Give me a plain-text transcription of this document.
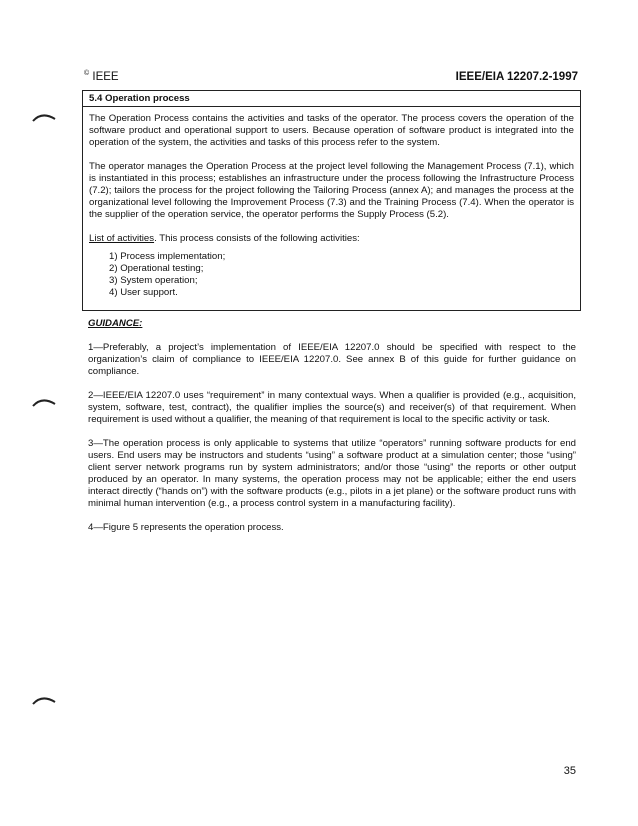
© IEEE	IEEE/EIA 12207.2-1997
5.4 Operation process

The Operation Process contains the activities and tasks of the operator. The process covers the operation of the software product and operational support to users. Because operation of software product is integrated into the operation of the system, the activities and tasks of this process refer to the system.

The operator manages the Operation Process at the project level following the Management Process (7.1), which is instantiated in this process; establishes an infrastructure under the process following the Infrastructure Process (7.2); tailors the process for the project following the Tailoring Process (annex A); and manages the process at the organizational level following the Improvement Process (7.3) and the Training Process (7.4). When the operator is the supplier of the operation service, the operator performs the Supply Process (5.2).

List of activities. This process consists of the following activities:

1) Process implementation;
2) Operational testing;
3) System operation;
4) User support.
GUIDANCE:

1—Preferably, a project’s implementation of IEEE/EIA 12207.0 should be specified with respect to the organization’s claim of compliance to IEEE/EIA 12207.0. See annex B of this guide for further guidance on compliance.

2—IEEE/EIA 12207.0 uses “requirement” in many contextual ways. When a qualifier is provided (e.g., acquisition, system, software, test, contract), the qualifier implies the source(s) and receiver(s) of that requirement. When requirement is used without a qualifier, the meaning of that requirement is local to the specific activity or task.

3—The operation process is only applicable to systems that utilize “operators” running software products for end users. End users may be instructors and students “using” a software product at a simulation center; those “using” client server network programs run by system administrators; and/or those “using” the reports or other output produced by an operator. In many systems, the operation process may not be applicable; either the end users interact directly (“hands on”) with the software products (e.g., pilots in a jet plane) or the software product runs with minimal human intervention (e.g., a process control system in a manufacturing facility).

4—Figure 5 represents the operation process.

35
